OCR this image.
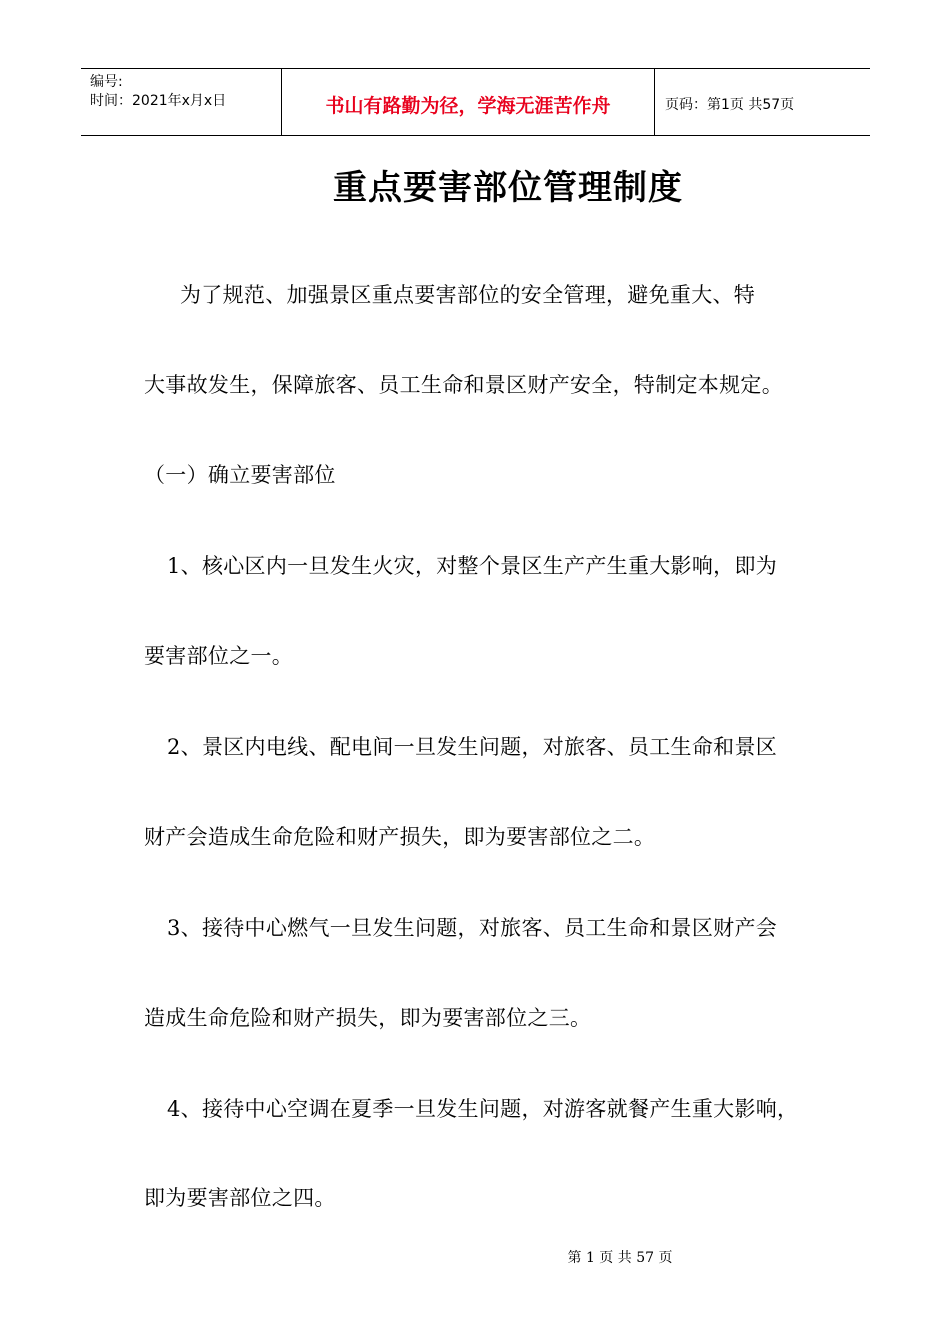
编号:
时间：2021年x月x日	书山有路勤为径，学海无涯苦作舟	页码：第1页 共57页
重点要害部位管理制度
为了规范、加强景区重点要害部位的安全管理，避免重大、特
大事故发生，保障旅客、员工生命和景区财产安全，特制定本规定。
（一）确立要害部位
1、核心区内一旦发生火灾，对整个景区生产产生重大影响，即为
要害部位之一。
2、景区内电线、配电间一旦发生问题，对旅客、员工生命和景区
财产会造成生命危险和财产损失，即为要害部位之二。
3、接待中心燃气一旦发生问题，对旅客、员工生命和景区财产会
造成生命危险和财产损失，即为要害部位之三。
4、接待中心空调在夏季一旦发生问题，对游客就餐产生重大影响，
即为要害部位之四。
第 1 页 共 57 页
